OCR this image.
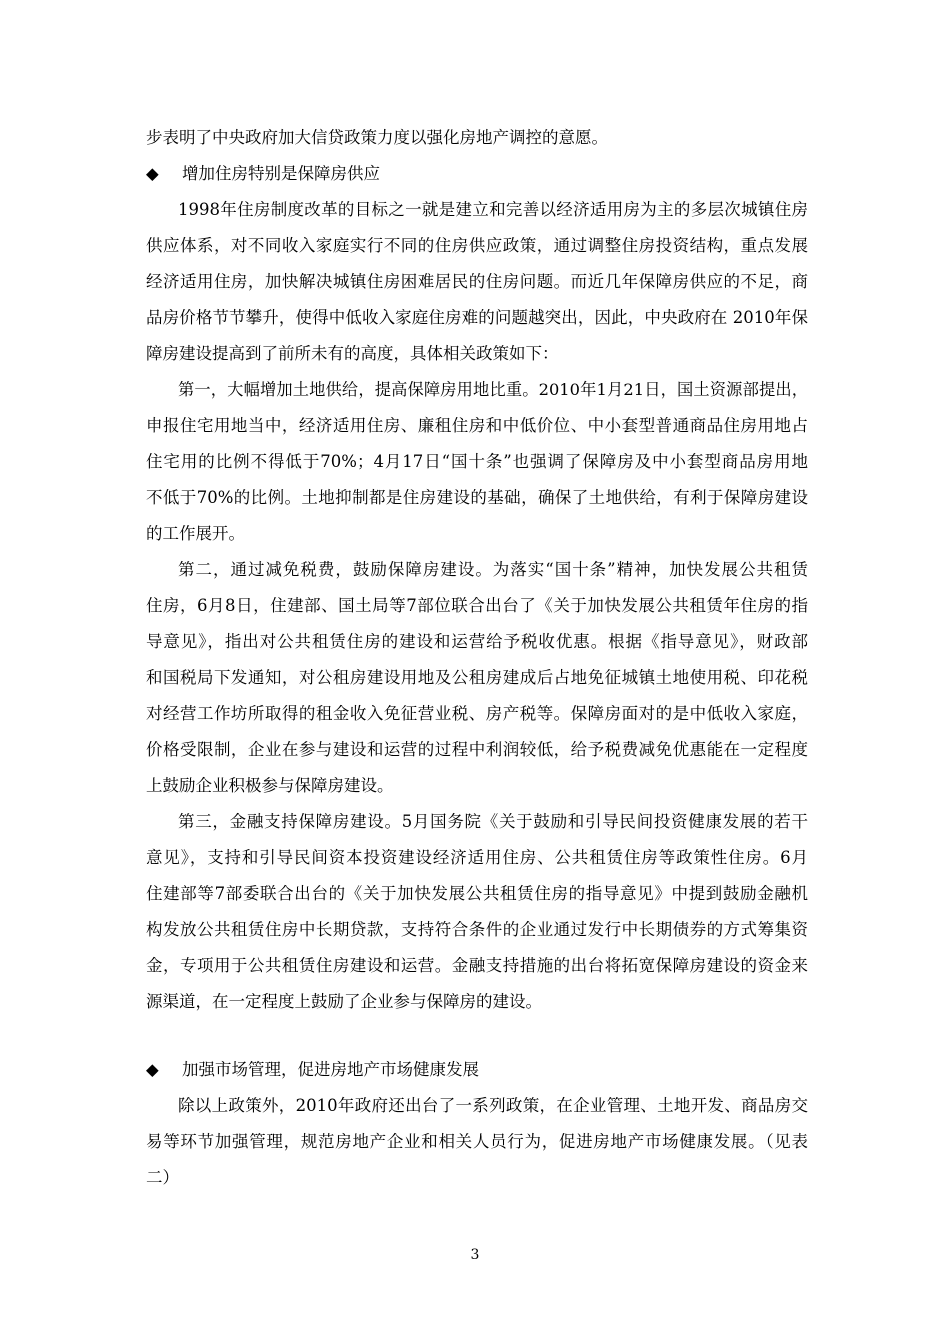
步表明了中央政府加大信贷政策力度以强化房地产调控的意愿。
◆ 增加住房特别是保障房供应
1998年住房制度改革的目标之一就是建立和完善以经济适用房为主的多层次城镇住房
供应体系，对不同收入家庭实行不同的住房供应政策，通过调整住房投资结构，重点发展
经济适用住房，加快解决城镇住房困难居民的住房问题。而近几年保障房供应的不足，商
品房价格节节攀升，使得中低收入家庭住房难的问题越突出，因此，中央政府在 2010年保
障房建设提高到了前所未有的高度，具体相关政策如下：
第一，大幅增加土地供给，提高保障房用地比重。2010年1月21日，国土资源部提出，
申报住宅用地当中，经济适用住房、廉租住房和中低价位、中小套型普通商品住房用地占
住宅用的比例不得低于70%；4月17日“国十条”也强调了保障房及中小套型商品房用地
不低于70%的比例。土地抑制都是住房建设的基础，确保了土地供给，有利于保障房建设
的工作展开。
第二，通过减免税费，鼓励保障房建设。为落实“国十条”精神，加快发展公共租赁
住房，6月8日，住建部、国土局等7部位联合出台了《关于加快发展公共租赁年住房的指
导意见》，指出对公共租赁住房的建设和运营给予税收优惠。根据《指导意见》，财政部
和国税局下发通知，对公租房建设用地及公租房建成后占地免征城镇土地使用税、印花税
对经营工作坊所取得的租金收入免征营业税、房产税等。保障房面对的是中低收入家庭，
价格受限制，企业在参与建设和运营的过程中利润较低，给予税费减免优惠能在一定程度
上鼓励企业积极参与保障房建设。
第三，金融支持保障房建设。5月国务院《关于鼓励和引导民间投资健康发展的若干
意见》，支持和引导民间资本投资建设经济适用住房、公共租赁住房等政策性住房。6月
住建部等7部委联合出台的《关于加快发展公共租赁住房的指导意见》中提到鼓励金融机
构发放公共租赁住房中长期贷款，支持符合条件的企业通过发行中长期债券的方式筹集资
金，专项用于公共租赁住房建设和运营。金融支持措施的出台将拓宽保障房建设的资金来
源渠道，在一定程度上鼓励了企业参与保障房的建设。
◆ 加强市场管理，促进房地产市场健康发展
除以上政策外，2010年政府还出台了一系列政策，在企业管理、土地开发、商品房交
易等环节加强管理，规范房地产企业和相关人员行为，促进房地产市场健康发展。（见表
二）
3
